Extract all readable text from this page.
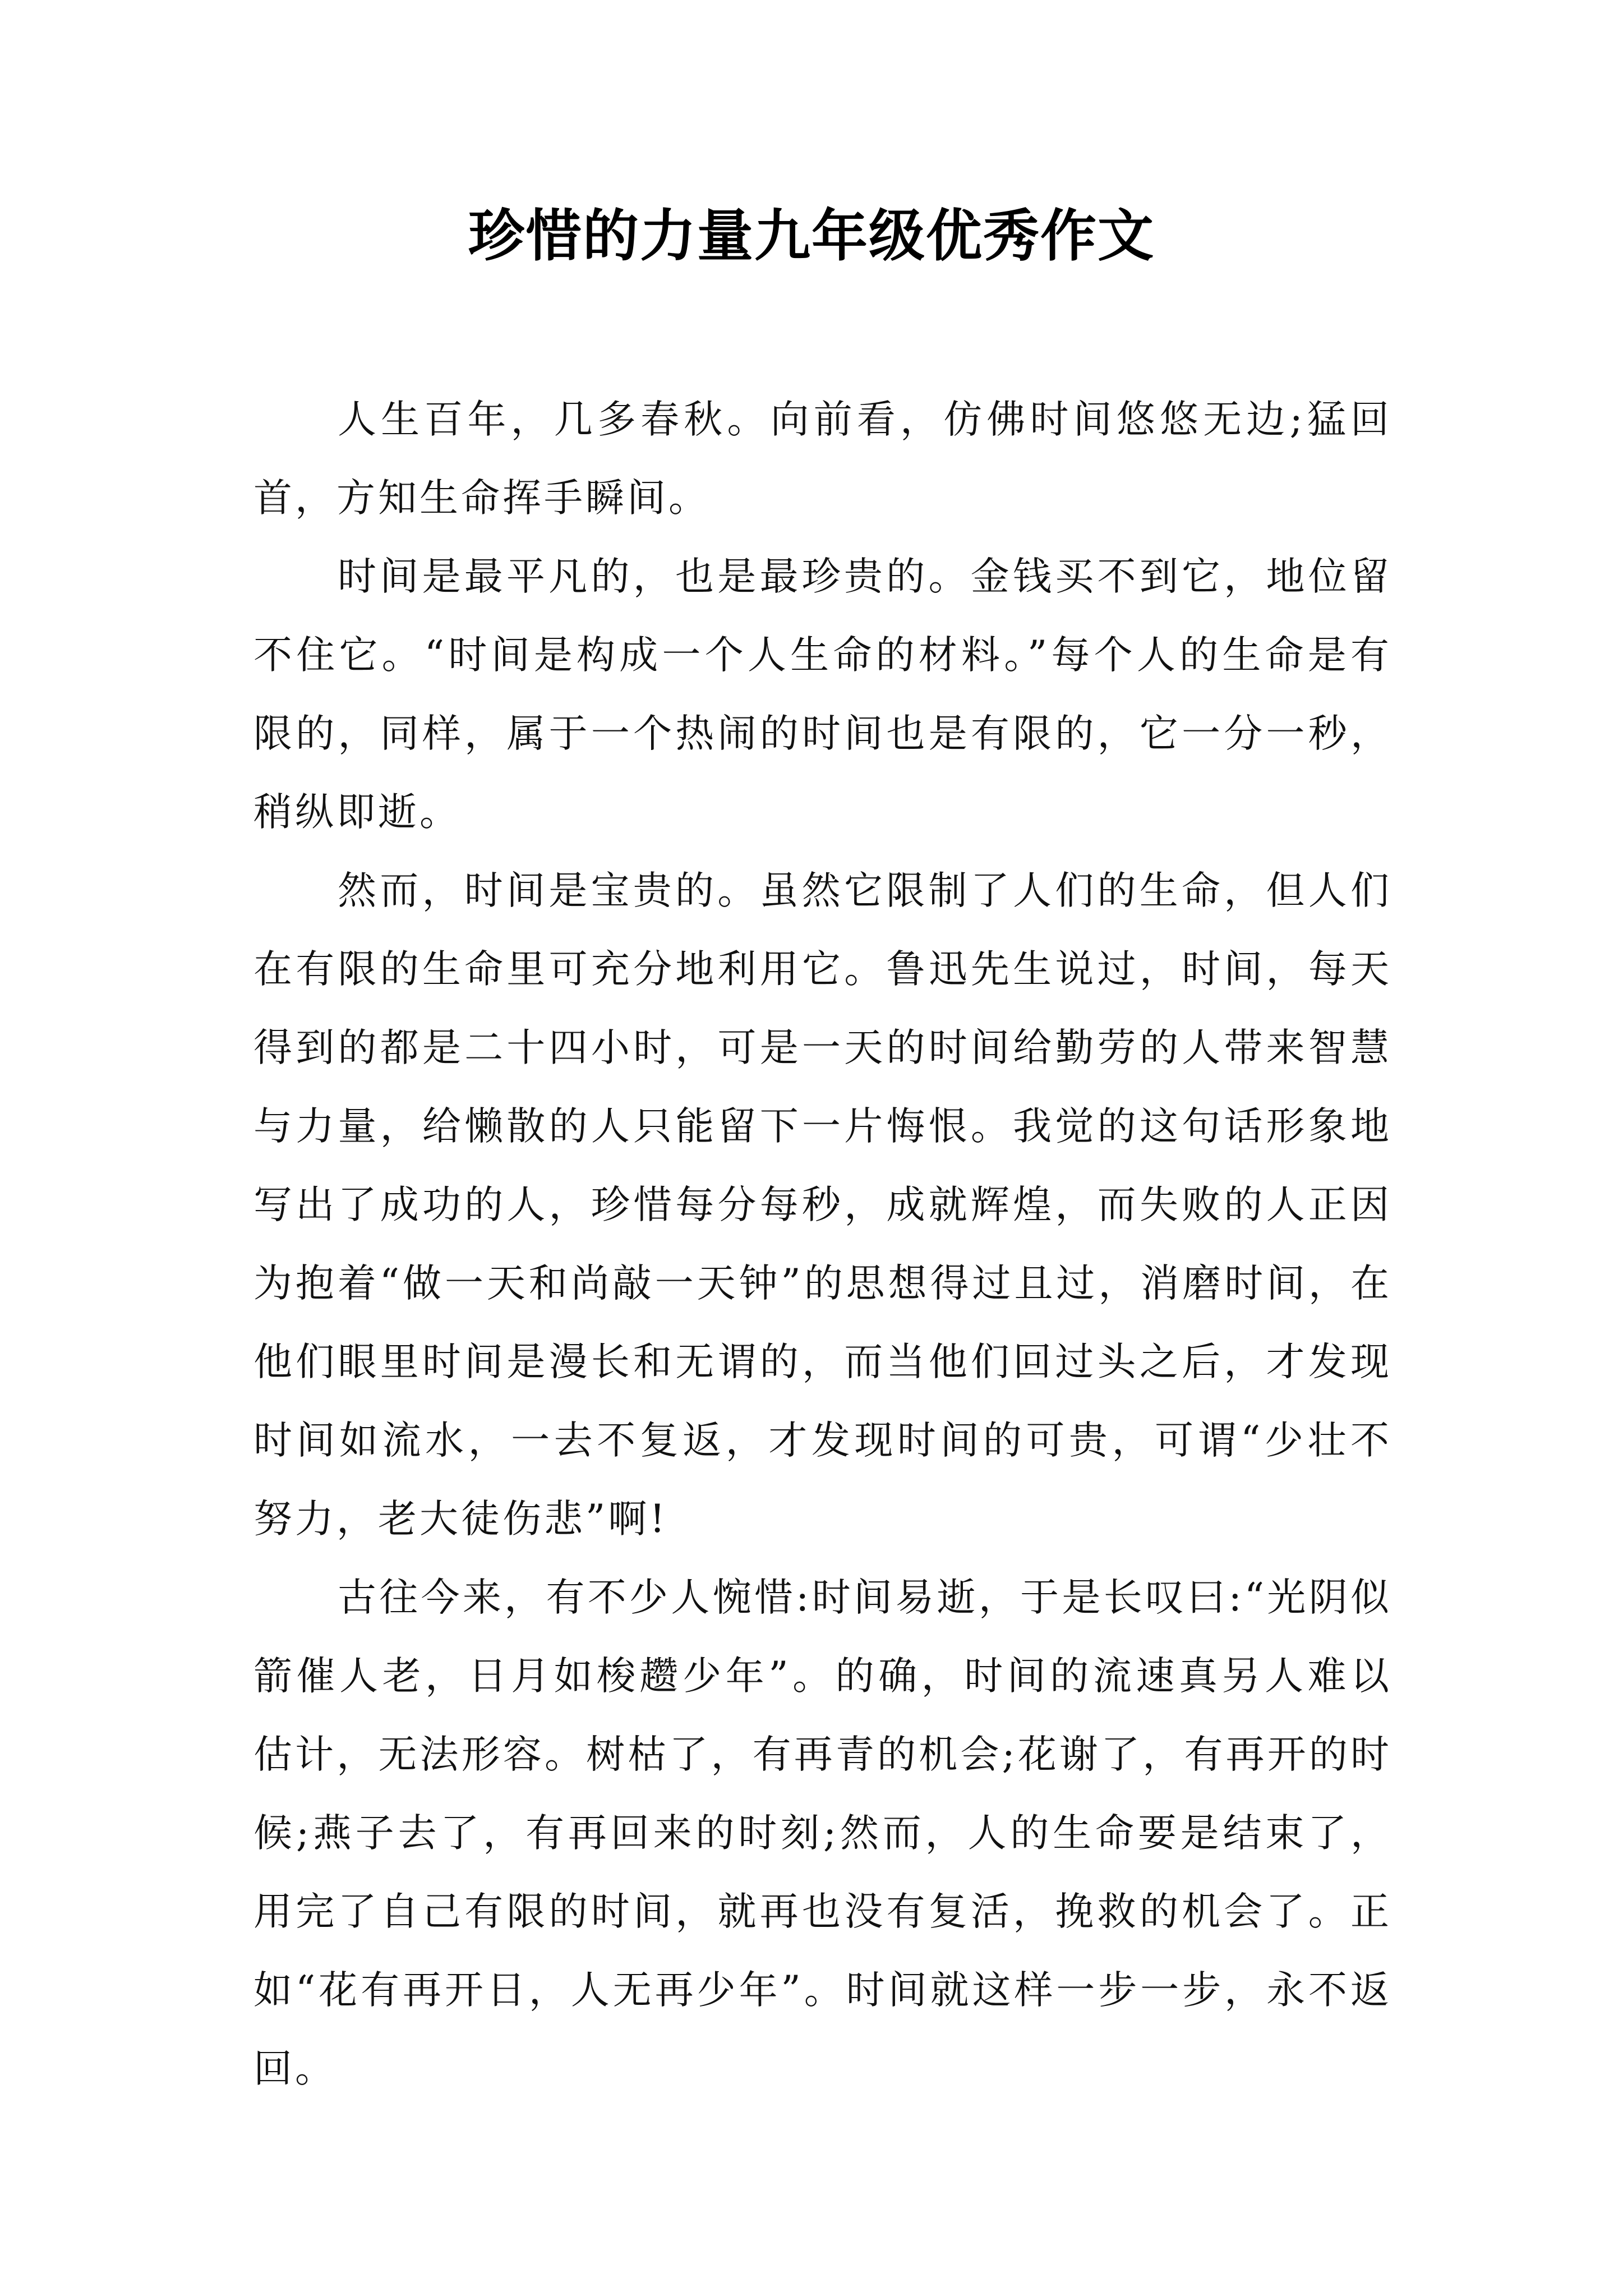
珍惜的力量九年级优秀作文

人生百年，几多春秋。向前看，仿佛时间悠悠无边;猛回首，方知生命挥手瞬间。

时间是最平凡的，也是最珍贵的。金钱买不到它，地位留不住它。“时间是构成一个人生命的材料。”每个人的生命是有限的，同样，属于一个热闹的时间也是有限的，它一分一秒，稍纵即逝。

然而，时间是宝贵的。虽然它限制了人们的生命，但人们在有限的生命里可充分地利用它。鲁迅先生说过，时间，每天得到的都是二十四小时，可是一天的时间给勤劳的人带来智慧与力量，给懒散的人只能留下一片悔恨。我觉的这句话形象地写出了成功的人，珍惜每分每秒，成就辉煌，而失败的人正因为抱着“做一天和尚敲一天钟”的思想得过且过，消磨时间，在他们眼里时间是漫长和无谓的，而当他们回过头之后，才发现时间如流水，一去不复返，才发现时间的可贵，可谓“少壮不努力，老大徒伤悲”啊!

古往今来，有不少人惋惜:时间易逝，于是长叹曰:“光阴似箭催人老，日月如梭趱少年”。的确，时间的流速真另人难以估计，无法形容。树枯了，有再青的机会;花谢了，有再开的时候;燕子去了，有再回来的时刻;然而，人的生命要是结束了，用完了自己有限的时间，就再也没有复活，挽救的机会了。正如“花有再开日，人无再少年”。时间就这样一步一步，永不返回。
